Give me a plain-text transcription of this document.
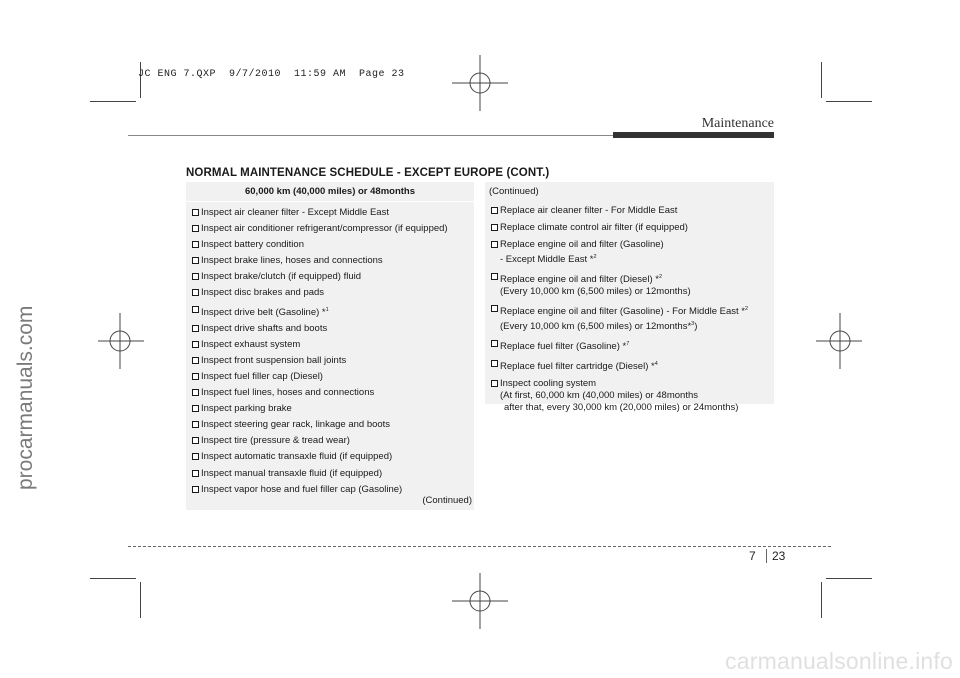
JC ENG 7.QXP  9/7/2010  11:59 AM  Page 23
Maintenance
NORMAL MAINTENANCE SCHEDULE - EXCEPT EUROPE (CONT.)
60,000 km (40,000 miles) or 48months
Inspect air cleaner filter - Except Middle East
Inspect air conditioner refrigerant/compressor (if equipped)
Inspect battery condition
Inspect brake lines, hoses and connections
Inspect brake/clutch (if equipped) fluid
Inspect disc brakes and pads
Inspect drive belt (Gasoline) *$^1$
Inspect drive shafts and boots
Inspect exhaust system
Inspect front suspension ball joints
Inspect fuel filler cap (Diesel)
Inspect fuel lines, hoses and connections
Inspect parking brake
Inspect steering gear rack, linkage and boots
Inspect tire (pressure & tread wear)
Inspect automatic transaxle fluid (if equipped)
Inspect manual transaxle fluid (if equipped)
Inspect vapor hose and fuel filler cap (Gasoline)
(Continued)
(Continued)
Replace air cleaner filter - For Middle East
Replace climate control air filter (if equipped)
Replace engine oil and filter (Gasoline)
- Except Middle East *$^2$
Replace engine oil and filter (Diesel) *$^2$
(Every 10,000 km (6,500 miles) or 12months)
Replace engine oil and filter (Gasoline) - For Middle East *$^2$
(Every 10,000 km (6,500 miles) or 12months*$^3$)
Replace fuel filter (Gasoline) *$^7$
Replace fuel filter cartridge (Diesel) *$^4$
Inspect cooling system
(At first, 60,000 km (40,000 miles) or 48months
after that, every 30,000 km (20,000 miles) or 24months)
7 23
procarmanuals.com
carmanualsonline.info
